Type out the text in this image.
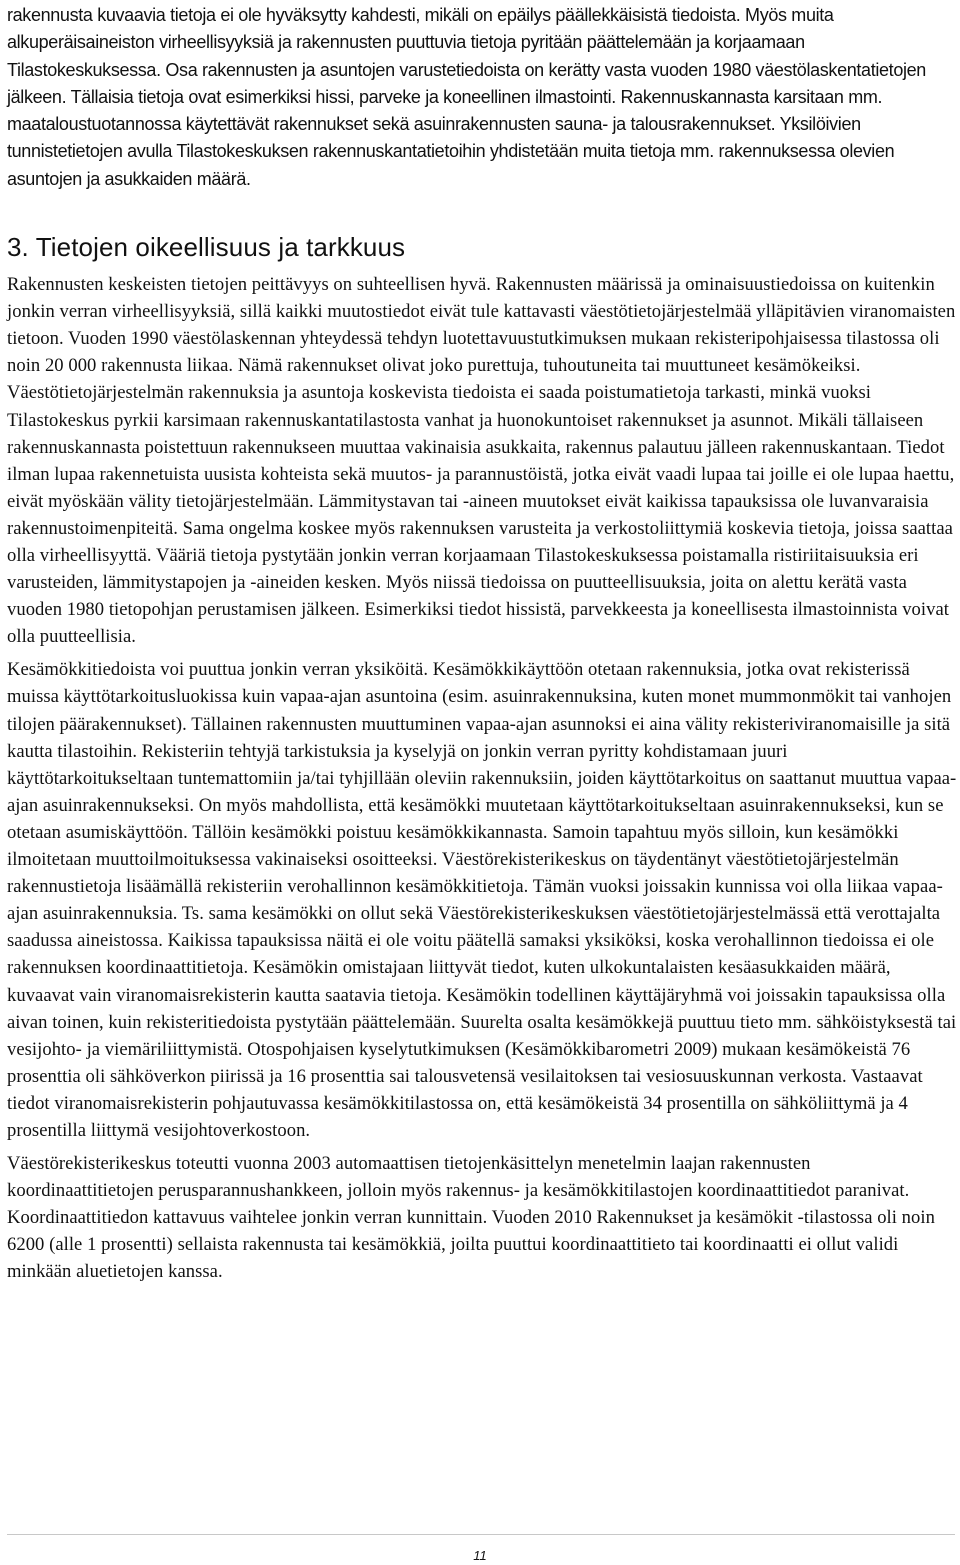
rakennusta kuvaavia tietoja ei ole hyväksytty kahdesti, mikäli on epäilys päällekkäisistä tiedoista. Myös muita alkuperäisaineiston virheellisyyksiä ja rakennusten puuttuvia tietoja pyritään päättelemään ja korjaamaan Tilastokeskuksessa. Osa rakennusten ja asuntojen varustetiedoista on kerätty vasta vuoden 1980 väestölaskentatietojen jälkeen. Tällaisia tietoja ovat esimerkiksi hissi, parveke ja koneellinen ilmastointi. Rakennuskannasta karsitaan mm. maataloustuotannossa käytettävät rakennukset sekä asuinrakennusten sauna- ja talousrakennukset. Yksilöivien tunnistetietojen avulla Tilastokeskuksen rakennuskantatietoihin yhdistetään muita tietoja mm. rakennuksessa olevien asuntojen ja asukkaiden määrä.

3. Tietojen oikeellisuus ja tarkkuus

Rakennusten keskeisten tietojen peittävyys on suhteellisen hyvä. Rakennusten määrissä ja ominaisuustiedoissa on kuitenkin jonkin verran virheellisyyksiä, sillä kaikki muutostiedot eivät tule kattavasti väestötietojärjestelmää ylläpitävien viranomaisten tietoon. Vuoden 1990 väestölaskennan yhteydessä tehdyn luotettavuustutkimuksen mukaan rekisteripohjaisessa tilastossa oli noin 20 000 rakennusta liikaa. Nämä rakennukset olivat joko purettuja, tuhoutuneita tai muuttuneet kesämökeiksi. Väestötietojärjestelmän rakennuksia ja asuntoja koskevista tiedoista ei saada poistumatietoja tarkasti, minkä vuoksi Tilastokeskus pyrkii karsimaan rakennuskantatilastosta vanhat ja huonokuntoiset rakennukset ja asunnot. Mikäli tällaiseen rakennuskannasta poistettuun rakennukseen muuttaa vakinaisia asukkaita, rakennus palautuu jälleen rakennuskantaan. Tiedot ilman lupaa rakennetuista uusista kohteista sekä muutos- ja parannustöistä, jotka eivät vaadi lupaa tai joille ei ole lupaa haettu, eivät myöskään välity tietojärjestelmään. Lämmitystavan tai -aineen muutokset eivät kaikissa tapauksissa ole luvanvaraisia rakennustoimenpiteitä. Sama ongelma koskee myös rakennuksen varusteita ja verkostoliittymiä koskevia tietoja, joissa saattaa olla virheellisyyttä. Vääriä tietoja pystytään jonkin verran korjaamaan Tilastokeskuksessa poistamalla ristiriitaisuuksia eri varusteiden, lämmitystapojen ja -aineiden kesken. Myös niissä tiedoissa on puutteellisuuksia, joita on alettu kerätä vasta vuoden 1980 tietopohjan perustamisen jälkeen. Esimerkiksi tiedot hissistä, parvekkeesta ja koneellisesta ilmastoinnista voivat olla puutteellisia.

Kesämökkitiedoista voi puuttua jonkin verran yksiköitä. Kesämökkikäyttöön otetaan rakennuksia, jotka ovat rekisterissä muissa käyttötarkoitusluokissa kuin vapaa-ajan asuntoina (esim. asuinrakennuksina, kuten monet mummonmökit tai vanhojen tilojen päärakennukset). Tällainen rakennusten muuttuminen vapaa-ajan asunnoksi ei aina välity rekisteriviranomaisille ja sitä kautta tilastoihin. Rekisteriin tehtyjä tarkistuksia ja kyselyjä on jonkin verran pyritty kohdistamaan juuri käyttötarkoitukseltaan tuntemattomiin ja/tai tyhjillään oleviin rakennuksiin, joiden käyttötarkoitus on saattanut muuttua vapaa-ajan asuinrakennukseksi. On myös mahdollista, että kesämökki muutetaan käyttötarkoitukseltaan asuinrakennukseksi, kun se otetaan asumiskäyttöön. Tällöin kesämökki poistuu kesämökkikannasta. Samoin tapahtuu myös silloin, kun kesämökki ilmoitetaan muuttoilmoituksessa vakinaiseksi osoitteeksi. Väestörekisterikeskus on täydentänyt väestötietojärjestelmän rakennustietoja lisäämällä rekisteriin verohallinnon kesämökkitietoja. Tämän vuoksi joissakin kunnissa voi olla liikaa vapaa-ajan asuinrakennuksia. Ts. sama kesämökki on ollut sekä Väestörekisterikeskuksen väestötietojärjestelmässä että verottajalta saadussa aineistossa. Kaikissa tapauksissa näitä ei ole voitu päätellä samaksi yksiköksi, koska verohallinnon tiedoissa ei ole rakennuksen koordinaattitietoja. Kesämökin omistajaan liittyvät tiedot, kuten ulkokuntalaisten kesäasukkaiden määrä, kuvaavat vain viranomaisrekisterin kautta saatavia tietoja. Kesämökin todellinen käyttäjäryhmä voi joissakin tapauksissa olla aivan toinen, kuin rekisteritiedoista pystytään päättelemään. Suurelta osalta kesämökkejä puuttuu tieto mm. sähköistyksestä tai vesijohto- ja viemäriliittymistä. Otospohjaisen kyselytutkimuksen (Kesämökkibarometri 2009) mukaan kesämökeistä 76 prosenttia oli sähköverkon piirissä ja 16 prosenttia sai talousvetensä vesilaitoksen tai vesiosuuskunnan verkosta. Vastaavat tiedot viranomaisrekisterin pohjautuvassa kesämökkitilastossa on, että kesämökeistä 34 prosentilla on sähköliittymä ja 4 prosentilla liittymä vesijohtoverkostoon.

Väestörekisterikeskus toteutti vuonna 2003 automaattisen tietojenkäsittelyn menetelmin laajan rakennusten koordinaattitietojen perusparannushankkeen, jolloin myös rakennus- ja kesämökkitilastojen koordinaattitiedot paranivat. Koordinaattitiedon kattavuus vaihtelee jonkin verran kunnittain. Vuoden 2010 Rakennukset ja kesämökit -tilastossa oli noin 6200 (alle 1 prosentti) sellaista rakennusta tai kesämökkiä, joilta puuttui koordinaattitieto tai koordinaatti ei ollut validi minkään aluetietojen kanssa.

11
